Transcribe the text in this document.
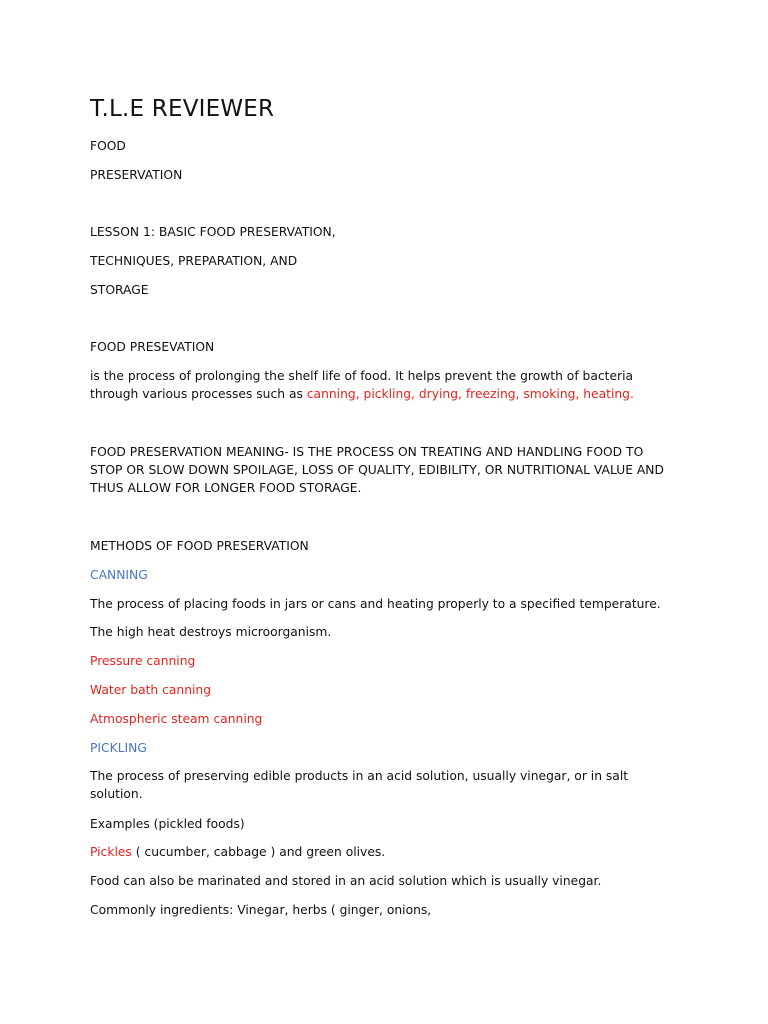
T.L.E REVIEWER

FOOD

PRESERVATION

LESSON 1: BASIC FOOD PRESERVATION,

TECHNIQUES, PREPARATION, AND

STORAGE

FOOD PRESEVATION

is the process of prolonging the shelf life of food. It helps prevent the growth of bacteria

through various processes such as canning, pickling, drying, freezing, smoking, heating.

FOOD PRESERVATION MEANING- IS THE PROCESS ON TREATING AND HANDLING FOOD TO

STOP OR SLOW DOWN SPOILAGE, LOSS OF QUALITY, EDIBILITY, OR NUTRITIONAL VALUE AND

THUS ALLOW FOR LONGER FOOD STORAGE.

METHODS OF FOOD PRESERVATION

CANNING

The process of placing foods in jars or cans and heating properly to a specified temperature.

The high heat destroys microorganism.

Pressure canning

Water bath canning

Atmospheric steam canning

PICKLING

The process of preserving edible products in an acid solution, usually vinegar, or in salt

solution.

Examples (pickled foods)

Pickles ( cucumber, cabbage ) and green olives.

Food can also be marinated and stored in an acid solution which is usually vinegar.

Commonly ingredients: Vinegar, herbs ( ginger, onions,
